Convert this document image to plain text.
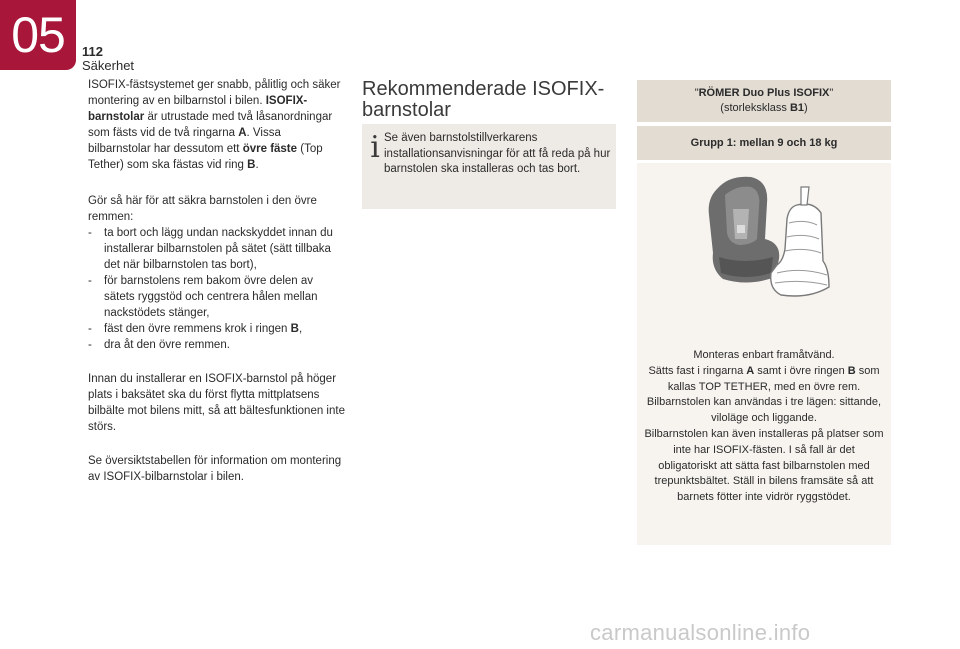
05	112
Säkerhet

ISOFIX-fästsystemet ger snabb, pålitlig och säker montering av en bilbarnstol i bilen. ISOFIX-barnstolar är utrustade med två låsanordningar som fästs vid de två ringarna A. Vissa bilbarnstolar har dessutom ett övre fäste (Top Tether) som ska fästas vid ring B.

Gör så här för att säkra barnstolen i den övre remmen:

- ta bort och lägg undan nackskyddet innan du installerar bilbarnstolen på sätet (sätt tillbaka det när bilbarnstolen tas bort),
- för barnstolens rem bakom övre delen av sätets ryggstöd och centrera hålen mellan nackstödets stänger,
- fäst den övre remmens krok i ringen B,
- dra åt den övre remmen.

Innan du installerar en ISOFIX-barnstol på höger plats i baksätet ska du först flytta mittplatsens bilbälte mot bilens mitt, så att bältesfunktionen inte störs.

Se översiktstabellen för information om montering av ISOFIX-bilbarnstolar i bilen.

Rekommenderade ISOFIX-barnstolar
i Se även barnstolstillverkarens installationsanvisningar för att få reda på hur barnstolen ska installeras och tas bort.
"RÖMER Duo Plus ISOFIX"
(storleksklass B1)
Grupp 1: mellan 9 och 18 kg
Monteras enbart framåtvänd.
Sätts fast i ringarna A samt i övre ringen B som kallas TOP TETHER, med en övre rem.
Bilbarnstolen kan användas i tre lägen: sittande, viloläge och liggande.
Bilbarnstolen kan även installeras på platser som inte har ISOFIX-fästen. I så fall är det obligatoriskt att sätta fast bilbarnstolen med trepunktsbältet. Ställ in bilens framsäte så att barnets fötter inte vidrör ryggstödet.
carmanualsonline.info
